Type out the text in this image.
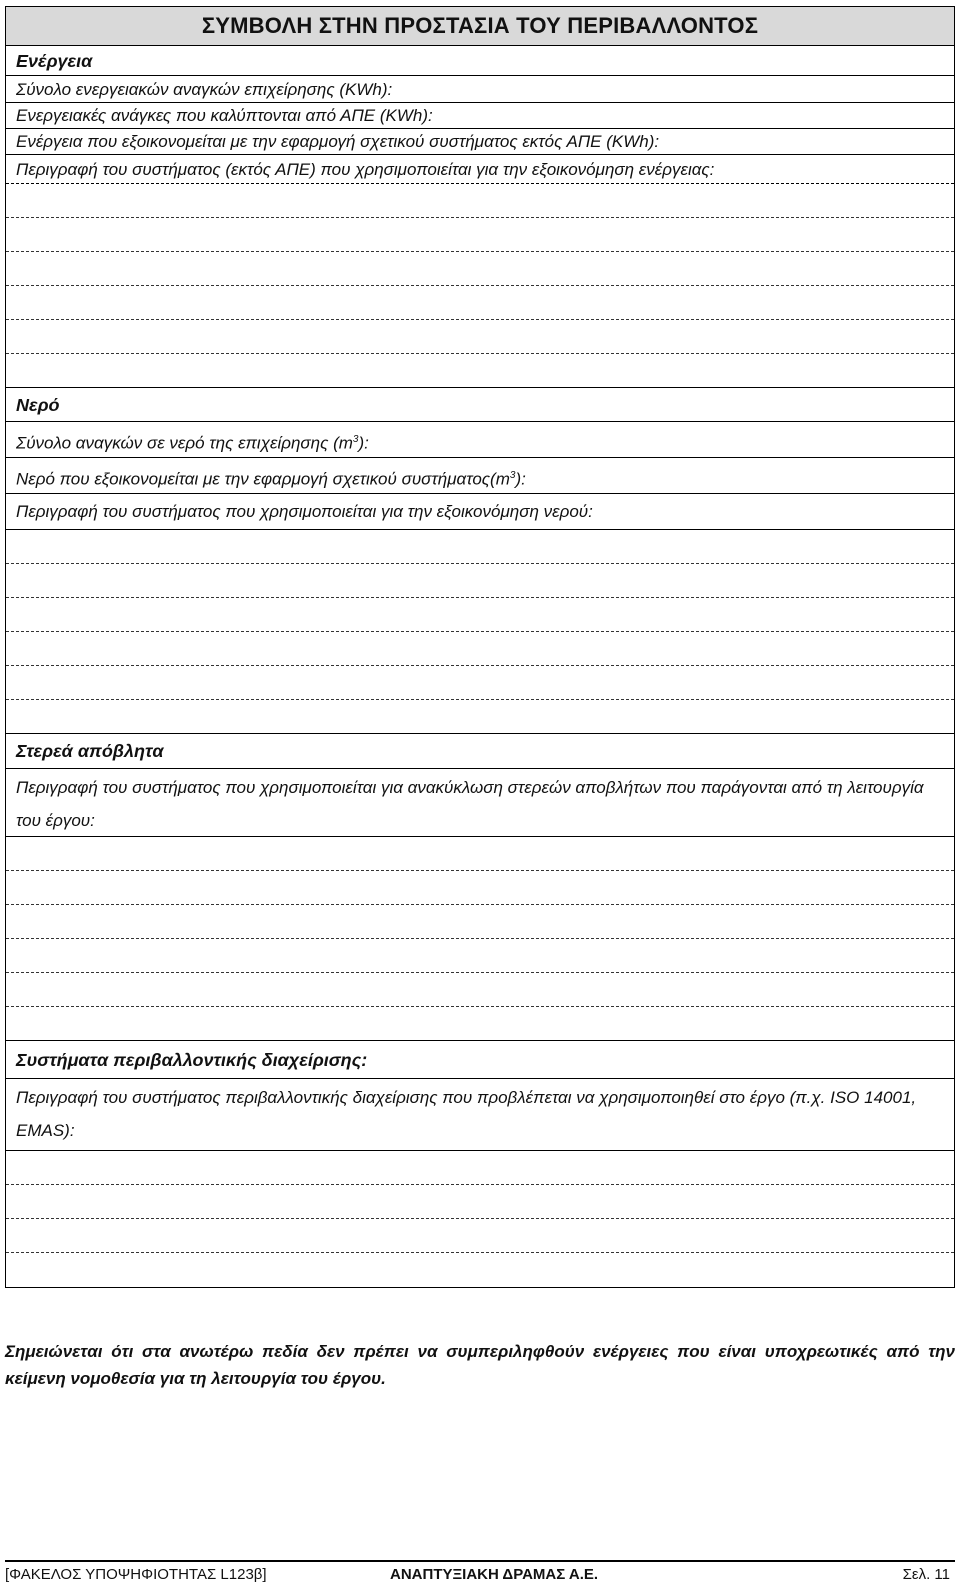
ΣΥΜΒΟΛΗ ΣΤΗΝ ΠΡΟΣΤΑΣΙΑ ΤΟΥ ΠΕΡΙΒΑΛΛΟΝΤΟΣ
Ενέργεια
Σύνολο ενεργειακών αναγκών επιχείρησης (KWh):
Ενεργειακές ανάγκες που καλύπτονται από ΑΠΕ (KWh):
Ενέργεια που εξοικονομείται με την εφαρμογή σχετικού συστήματος εκτός ΑΠΕ (KWh):
Περιγραφή του συστήματος (εκτός ΑΠΕ) που χρησιμοποιείται για την εξοικονόμηση ενέργειας:
Νερό
Σύνολο αναγκών σε νερό της επιχείρησης $(m^3)$:
Νερό που εξοικονομείται με την εφαρμογή σχετικού $\sigma\upsilon\sigma\tau ή\mu\alpha\tau o\varsigma(m^3)$:
Περιγραφή του συστήματος που χρησιμοποιείται για την εξοικονόμηση νερού:
Στερεά απόβλητα
Περιγραφή του συστήματος που χρησιμοποιείται για ανακύκλωση στερεών αποβλήτων που παράγονται από τη λειτουργία του έργου:
Συστήματα περιβαλλοντικής διαχείρισης:
Περιγραφή του συστήματος περιβαλλοντικής διαχείρισης που προβλέπεται να χρησιμοποιηθεί στο έργο (π.χ. ISO 14001, EMAS):
Σημειώνεται ότι στα ανωτέρω πεδία δεν πρέπει να συμπεριληφθούν ενέργειες που είναι υποχρεωτικές από την κείμενη νομοθεσία για τη λειτουργία του έργου.
[ΦΑΚΕΛΟΣ ΥΠΟΨΗΦΙΟΤΗΤΑΣ L123β]	ΑΝΑΠΤΥΞΙΑΚΗ ΔΡΑΜΑΣ Α.Ε.	Σελ. 11
